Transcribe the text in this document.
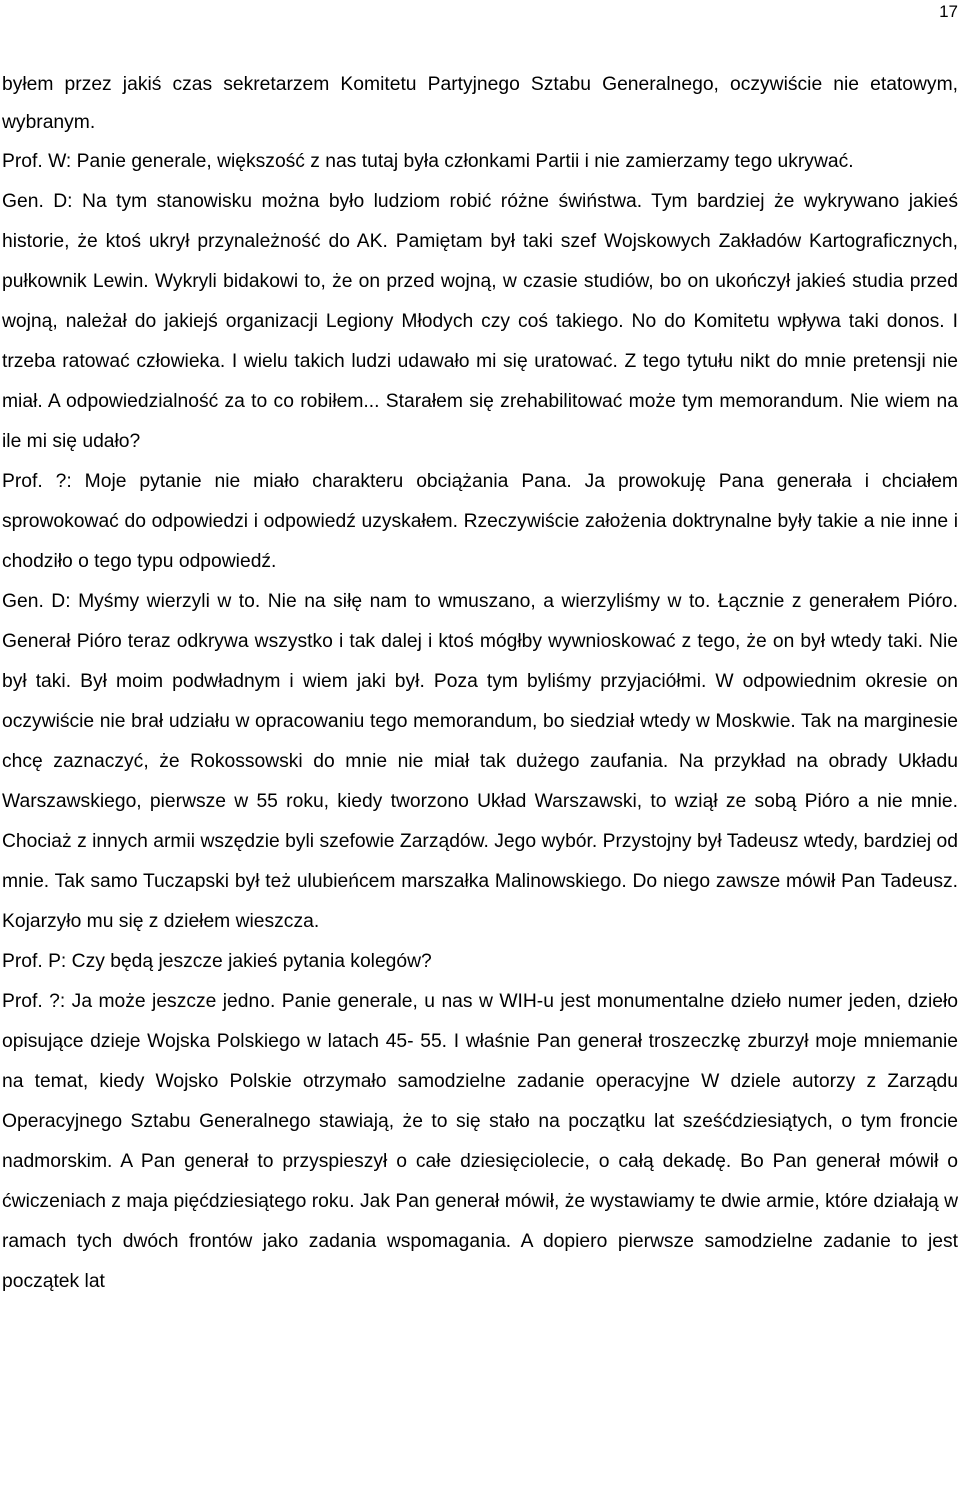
17

byłem przez jakiś czas sekretarzem Komitetu Partyjnego Sztabu Generalnego, oczywiście nie etatowym, wybranym.

Prof. W: Panie generale, większość z nas tutaj była członkami Partii i nie zamierzamy tego ukrywać.

Gen. D: Na tym stanowisku można było ludziom robić różne świństwa. Tym bardziej że wykrywano jakieś historie, że ktoś ukrył przynależność do AK. Pamiętam był taki szef Wojskowych Zakładów Kartograficznych, pułkownik Lewin. Wykryli bidakowi to, że on przed wojną, w czasie studiów, bo on ukończył jakieś studia przed wojną, należał do jakiejś organizacji Legiony Młodych czy coś takiego. No do Komitetu wpływa taki donos. I trzeba ratować człowieka. I wielu takich ludzi udawało mi się uratować. Z tego tytułu nikt do mnie pretensji nie miał. A odpowiedzialność za to co robiłem... Starałem się zrehabilitować może tym memorandum. Nie wiem na ile mi się udało?

Prof. ?: Moje pytanie nie miało charakteru obciążania Pana. Ja prowokuję Pana generała i chciałem sprowokować do odpowiedzi i odpowiedź uzyskałem. Rzeczywiście założenia doktrynalne były takie a nie inne i chodziło o tego typu odpowiedź.

Gen. D: Myśmy wierzyli w to. Nie na siłę nam to wmuszano, a wierzyliśmy w to. Łącznie z generałem Pióro. Generał Pióro teraz odkrywa wszystko i tak dalej i ktoś mógłby wywnioskować z tego, że on był wtedy taki. Nie był taki. Był moim podwładnym i wiem jaki był. Poza tym byliśmy przyjaciółmi. W odpowiednim okresie on oczywiście nie brał udziału w opracowaniu tego memorandum, bo siedział wtedy w Moskwie. Tak na marginesie chcę zaznaczyć, że Rokossowski do mnie nie miał tak dużego zaufania. Na przykład na obrady Układu Warszawskiego, pierwsze w 55 roku, kiedy tworzono Układ Warszawski, to wziął ze sobą Pióro a nie mnie. Chociaż z innych armii wszędzie byli szefowie Zarządów. Jego wybór. Przystojny był Tadeusz wtedy, bardziej od mnie. Tak samo Tuczapski był też ulubieńcem marszałka Malinowskiego. Do niego zawsze mówił Pan Tadeusz. Kojarzyło mu się z dziełem wieszcza.

Prof. P: Czy będą jeszcze jakieś pytania kolegów?

Prof. ?: Ja może jeszcze jedno. Panie generale, u nas w WIH-u jest monumentalne dzieło numer jeden, dzieło opisujące dzieje Wojska Polskiego w latach 45- 55. I właśnie Pan generał troszeczkę zburzył moje mniemanie na temat, kiedy Wojsko Polskie otrzymało samodzielne zadanie operacyjne W dziele autorzy z Zarządu Operacyjnego Sztabu Generalnego stawiają, że to się stało na początku lat sześćdziesiątych, o tym froncie nadmorskim. A Pan generał to przyspieszył o całe dziesięciolecie, o całą dekadę. Bo Pan generał mówił o ćwiczeniach z maja pięćdziesiątego roku. Jak Pan generał mówił, że wystawiamy te dwie armie, które działają w ramach tych dwóch frontów jako zadania wspomagania. A dopiero pierwsze samodzielne zadanie to jest początek lat
